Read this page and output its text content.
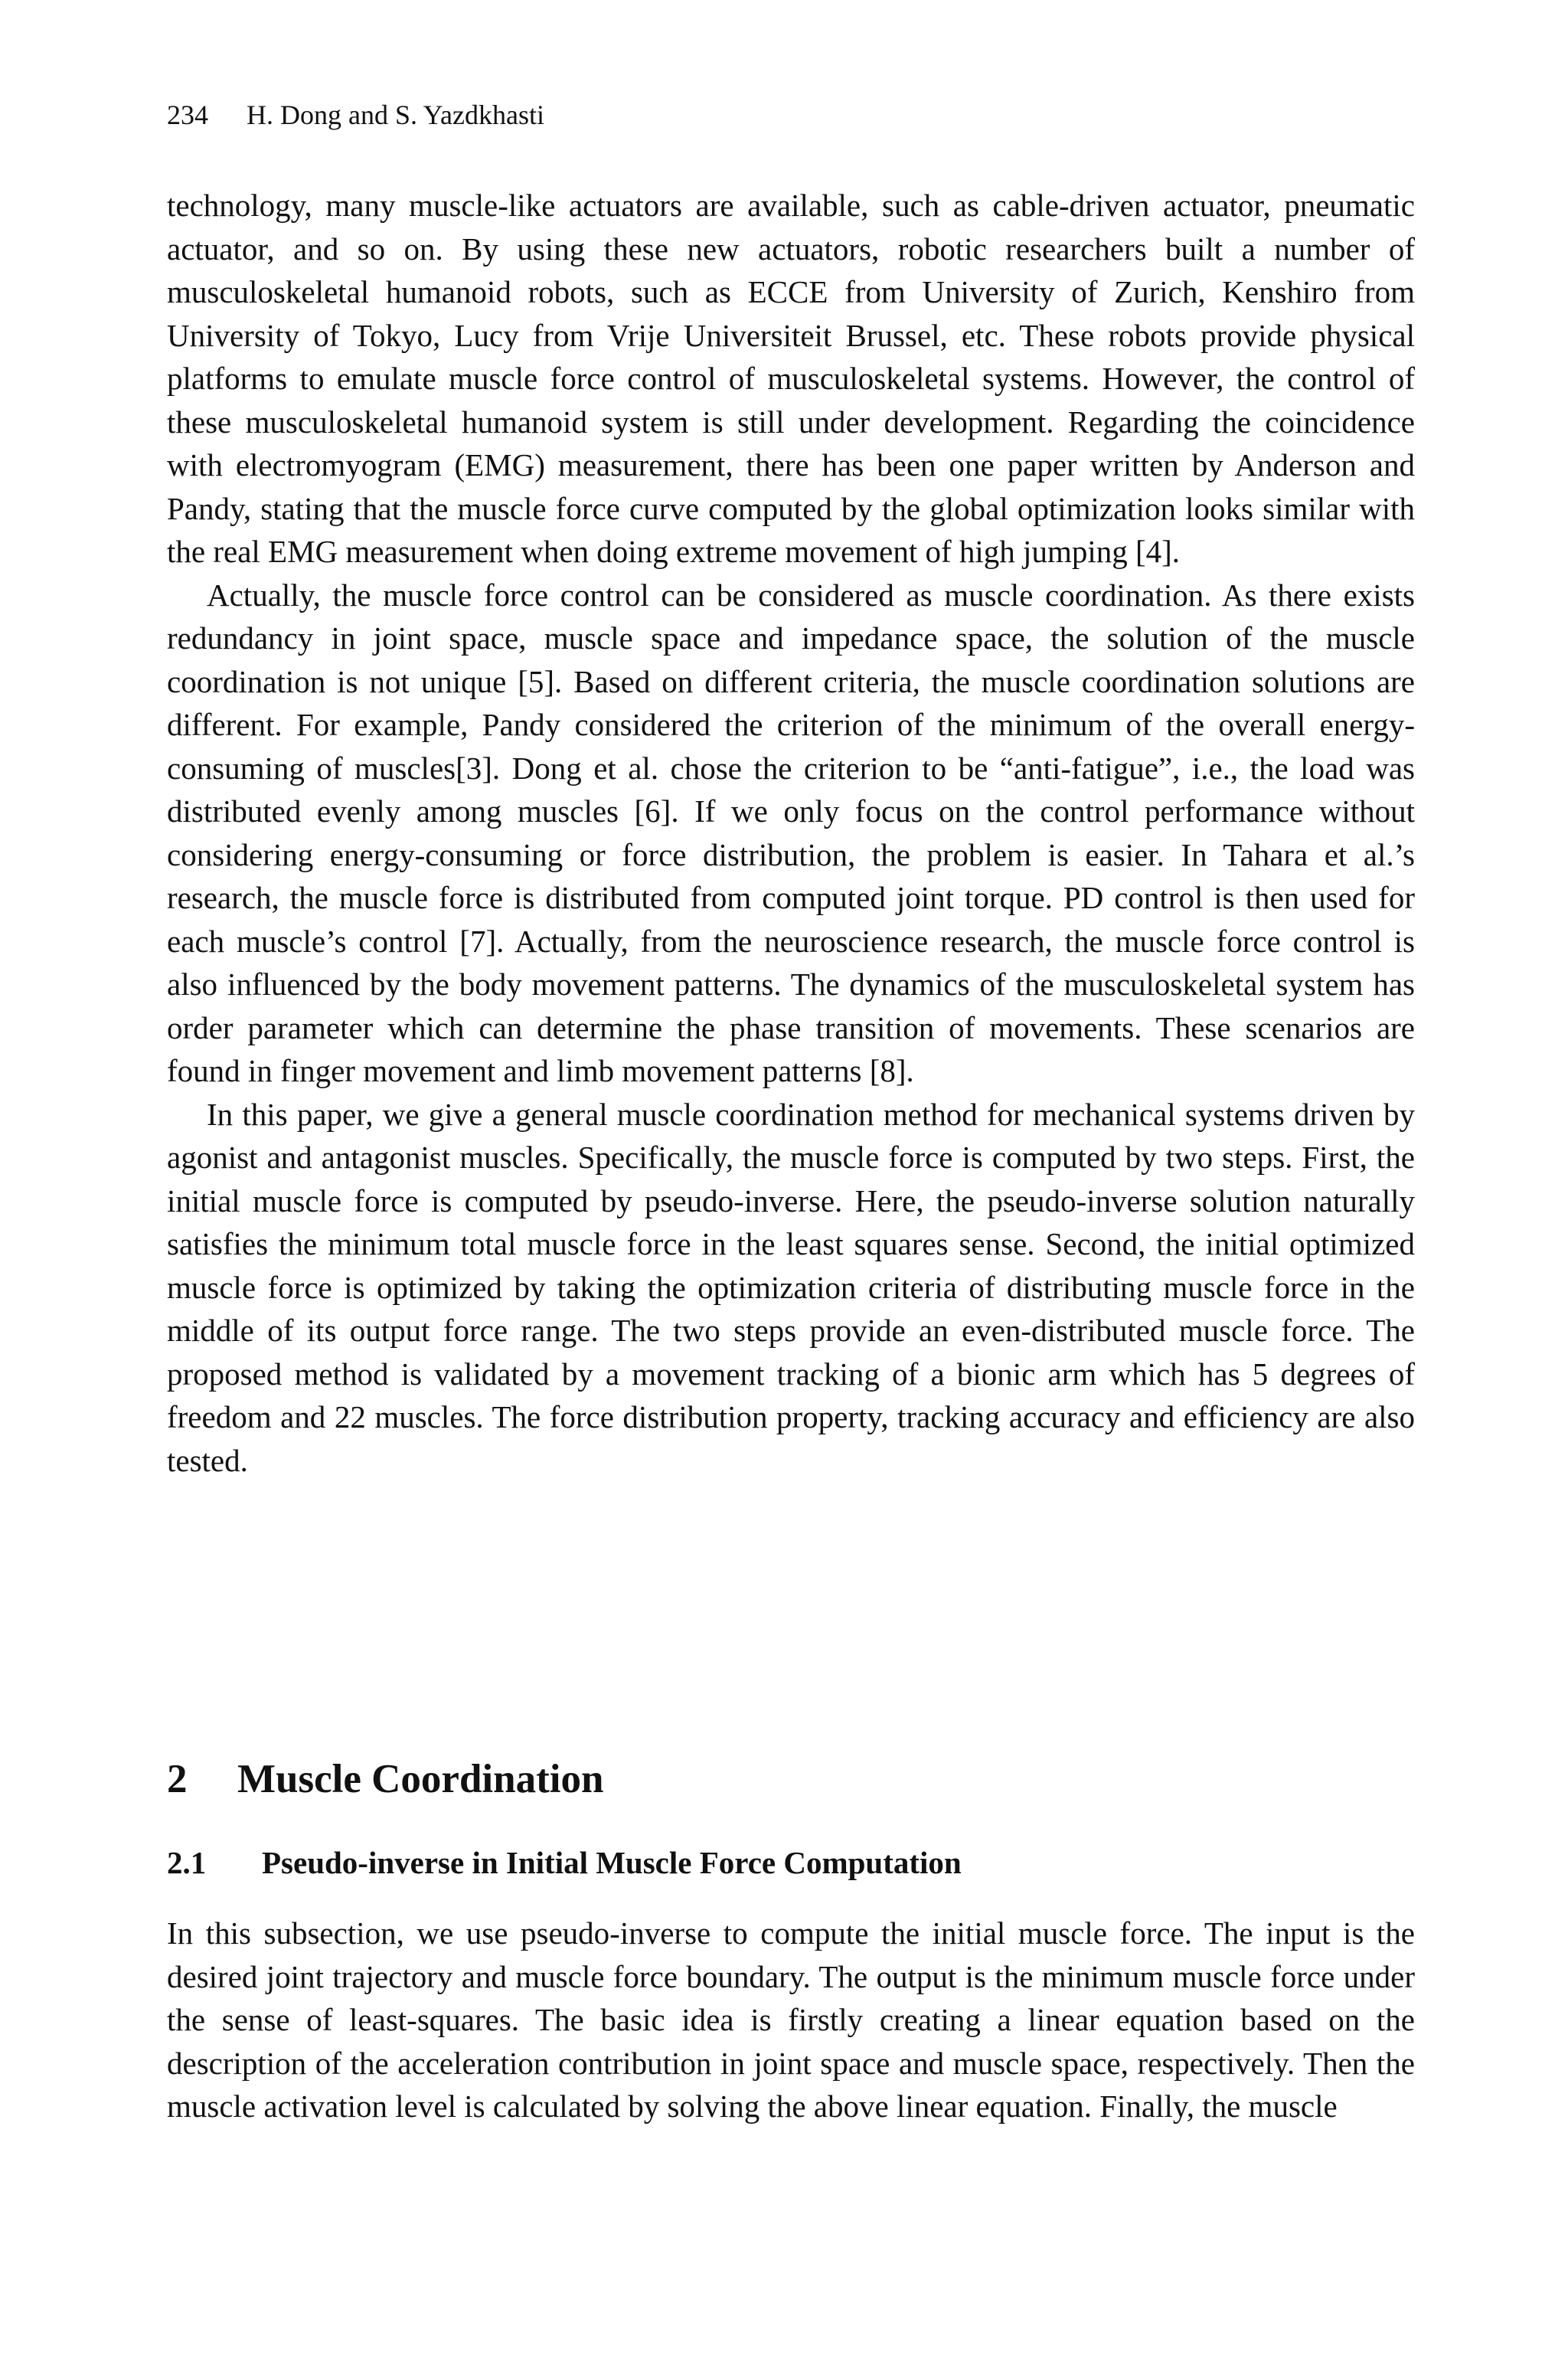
234 H. Dong and S. Yazdkhasti

technology, many muscle-like actuators are available, such as cable-driven actuator, pneumatic actuator, and so on. By using these new actuators, robotic researchers built a number of musculoskeletal humanoid robots, such as ECCE from University of Zurich, Kenshiro from University of Tokyo, Lucy from Vrije Universiteit Brussel, etc. These robots provide physical platforms to emulate muscle force control of musculoskeletal systems. However, the control of these musculoskeletal humanoid system is still under development. Regarding the coincidence with electromyogram (EMG) measurement, there has been one paper written by Anderson and Pandy, stating that the muscle force curve computed by the global optimization looks similar with the real EMG measurement when doing extreme movement of high jumping [4].

Actually, the muscle force control can be considered as muscle coordination. As there exists redundancy in joint space, muscle space and impedance space, the solution of the muscle coordination is not unique [5]. Based on different criteria, the muscle coordination solutions are different. For example, Pandy considered the criterion of the minimum of the overall energy-consuming of muscles[3]. Dong et al. chose the criterion to be “anti-fatigue”, i.e., the load was distributed evenly among muscles [6]. If we only focus on the control performance without considering energy-consuming or force distribution, the problem is easier. In Tahara et al.’s research, the muscle force is distributed from computed joint torque. PD control is then used for each muscle’s control [7]. Actually, from the neuroscience research, the muscle force control is also influenced by the body movement patterns. The dynamics of the musculoskeletal system has order parameter which can determine the phase transition of movements. These scenarios are found in finger movement and limb movement patterns [8].

In this paper, we give a general muscle coordination method for mechanical systems driven by agonist and antagonist muscles. Specifically, the muscle force is computed by two steps. First, the initial muscle force is computed by pseudo-inverse. Here, the pseudo-inverse solution naturally satisfies the minimum total muscle force in the least squares sense. Second, the initial optimized muscle force is optimized by taking the optimization criteria of distributing muscle force in the middle of its output force range. The two steps provide an even-distributed muscle force. The proposed method is validated by a movement tracking of a bionic arm which has 5 degrees of freedom and 22 muscles. The force distribution property, tracking accuracy and efficiency are also tested.

2 Muscle Coordination
2.1 Pseudo-inverse in Initial Muscle Force Computation

In this subsection, we use pseudo-inverse to compute the initial muscle force. The input is the desired joint trajectory and muscle force boundary. The output is the minimum muscle force under the sense of least-squares. The basic idea is firstly creating a linear equation based on the description of the acceleration contribution in joint space and muscle space, respectively. Then the muscle activation level is calculated by solving the above linear equation. Finally, the muscle
